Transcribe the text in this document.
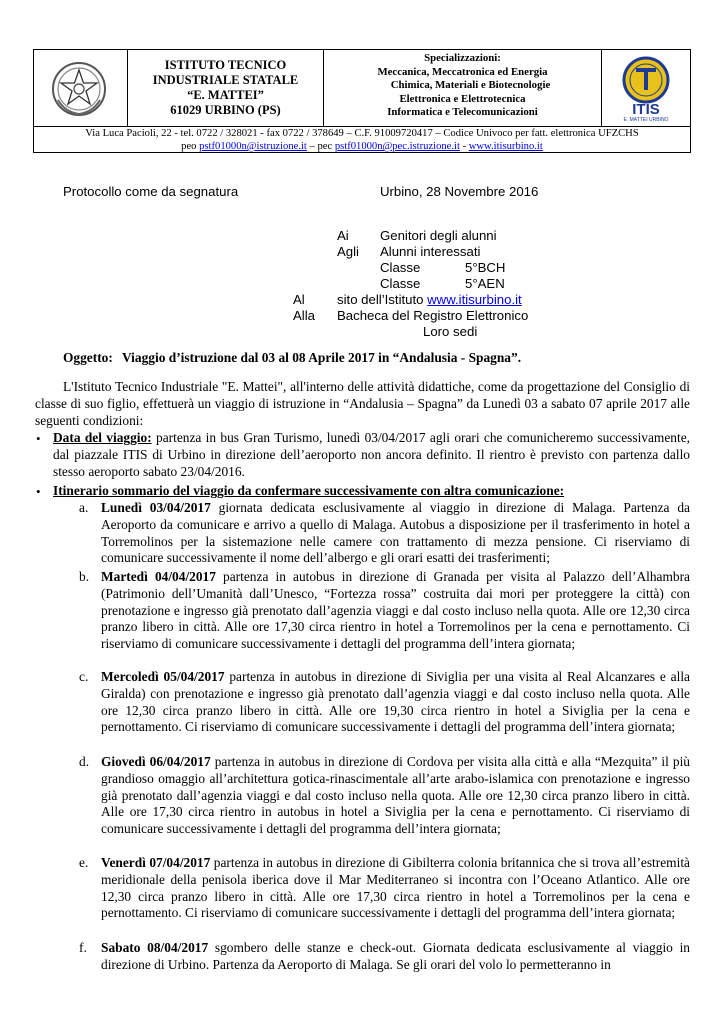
ISTITUTO TECNICO
INDUSTRIALE STATALE
“E. MATTEI”
61029 URBINO (PS)
Specializzazioni:
Meccanica, Meccatronica ed Energia
Chimica, Materiali e Biotecnologie
Elettronica e Elettrotecnica
Informatica e Telecomunicazioni	ITIS
E. MATTEI URBINO
Via Luca Pacioli, 22 - tel. 0722 / 328021 - fax 0722 / 378649 – C.F. 91009720417 – Codice Univoco per fatt. elettronica UFZCHS
peo pstf01000n@istruzione.it – pec pstf01000n@pec.istruzione.it - www.itisurbino.it
Protocollo come da segnatura	Urbino, 28 Novembre 2016
Ai Genitori degli alunni
Agli Alunni interessati
Classe	5°BCH
Classe	5°AEN
Al sito dell’Istituto www.itisurbino.it
Alla Bacheca del Registro Elettronico
Loro sedi
Oggetto: Viaggio d’istruzione dal 03 al 08 Aprile 2017 in “Andalusia - Spagna”.
L'Istituto Tecnico Industriale "E. Mattei", all'interno delle attività didattiche, come da progettazione del Consiglio di classe di suo figlio, effettuerà un viaggio di istruzione in “Andalusia – Spagna” da Lunedì 03 a sabato 07 aprile 2017 alle seguenti condizioni:
• Data del viaggio: partenza in bus Gran Turismo, lunedì 03/04/2017 agli orari che comunicheremo successivamente, dal piazzale ITIS di Urbino in direzione dell’aeroporto non ancora definito. Il rientro è previsto con partenza dallo stesso aeroporto sabato 23/04/2016.
• Itinerario sommario del viaggio da confermare successivamente con altra comunicazione:
a. Lunedì 03/04/2017 giornata dedicata esclusivamente al viaggio in direzione di Malaga. Partenza da Aeroporto da comunicare e arrivo a quello di Malaga. Autobus a disposizione per il trasferimento in hotel a Torremolinos per la sistemazione nelle camere con trattamento di mezza pensione. Ci riserviamo di comunicare successivamente il nome dell’albergo e gli orari esatti dei trasferimenti;
b. Martedì 04/04/2017 partenza in autobus in direzione di Granada per visita al Palazzo dell’Alhambra (Patrimonio dell’Umanità dall’Unesco, “Fortezza rossa” costruita dai mori per proteggere la città) con prenotazione e ingresso già prenotato dall’agenzia viaggi e dal costo incluso nella quota. Alle ore 12,30 circa pranzo libero in città. Alle ore 17,30 circa rientro in hotel a Torremolinos per la cena e pernottamento. Ci riserviamo di comunicare successivamente i dettagli del programma dell’intera giornata;
c. Mercoledì 05/04/2017 partenza in autobus in direzione di Siviglia per una visita al Real Alcanzares e alla Giralda) con prenotazione e ingresso già prenotato dall’agenzia viaggi e dal costo incluso nella quota. Alle ore 12,30 circa pranzo libero in città. Alle ore 19,30 circa rientro in hotel a Siviglia per la cena e pernottamento. Ci riserviamo di comunicare successivamente i dettagli del programma dell’intera giornata;
d. Giovedì 06/04/2017 partenza in autobus in direzione di Cordova per visita alla città e alla “Mezquita” il più grandioso omaggio all’architettura gotica-rinascimentale all’arte arabo-islamica con prenotazione e ingresso già prenotato dall’agenzia viaggi e dal costo incluso nella quota. Alle ore 12,30 circa pranzo libero in città. Alle ore 17,30 circa rientro in autobus in hotel a Siviglia per la cena e pernottamento. Ci riserviamo di comunicare successivamente i dettagli del programma dell’intera giornata;
e. Venerdì 07/04/2017 partenza in autobus in direzione di Gibilterra colonia britannica che si trova all’estremità meridionale della penisola iberica dove il Mar Mediterraneo si incontra con l’Oceano Atlantico. Alle ore 12,30 circa pranzo libero in città. Alle ore 17,30 circa rientro in hotel a Torremolinos per la cena e pernottamento. Ci riserviamo di comunicare successivamente i dettagli del programma dell’intera giornata;
f. Sabato 08/04/2017 sgombero delle stanze e check-out. Giornata dedicata esclusivamente al viaggio in direzione di Urbino. Partenza da Aeroporto di Malaga. Se gli orari del volo lo permetteranno in
